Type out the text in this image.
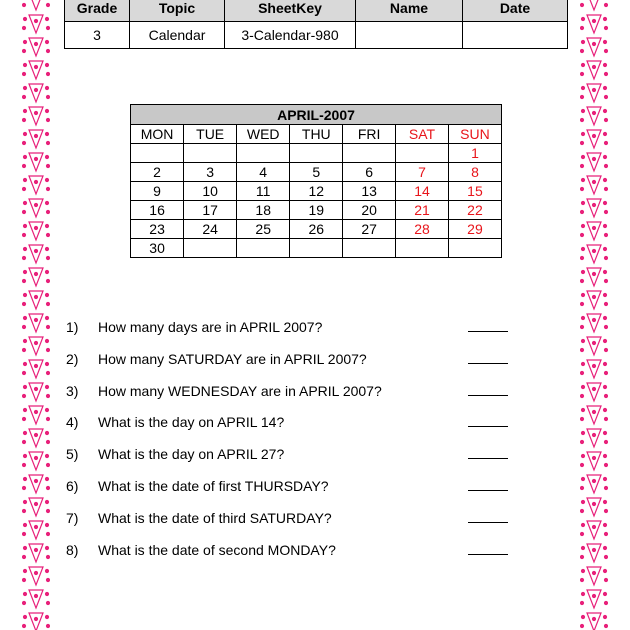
Grade	Topic	SheetKey	Name	Date
3	Calendar	3-Calendar-980		
APRIL-2007						
MON	TUE	WED	THU	FRI	SAT	SUN
						1
2	3	4	5	6	7	8
9	10	11	12	13	14	15
16	17	18	19	20	21	22
23	24	25	26	27	28	29
30						
1) How many days are in APRIL 2007?
2) How many SATURDAY are in APRIL 2007?
3) How many WEDNESDAY are in APRIL 2007?
4) What is the day on APRIL 14?
5) What is the day on APRIL 27?
6) What is the date of first THURSDAY?
7) What is the date of third SATURDAY?
8) What is the date of second MONDAY?
